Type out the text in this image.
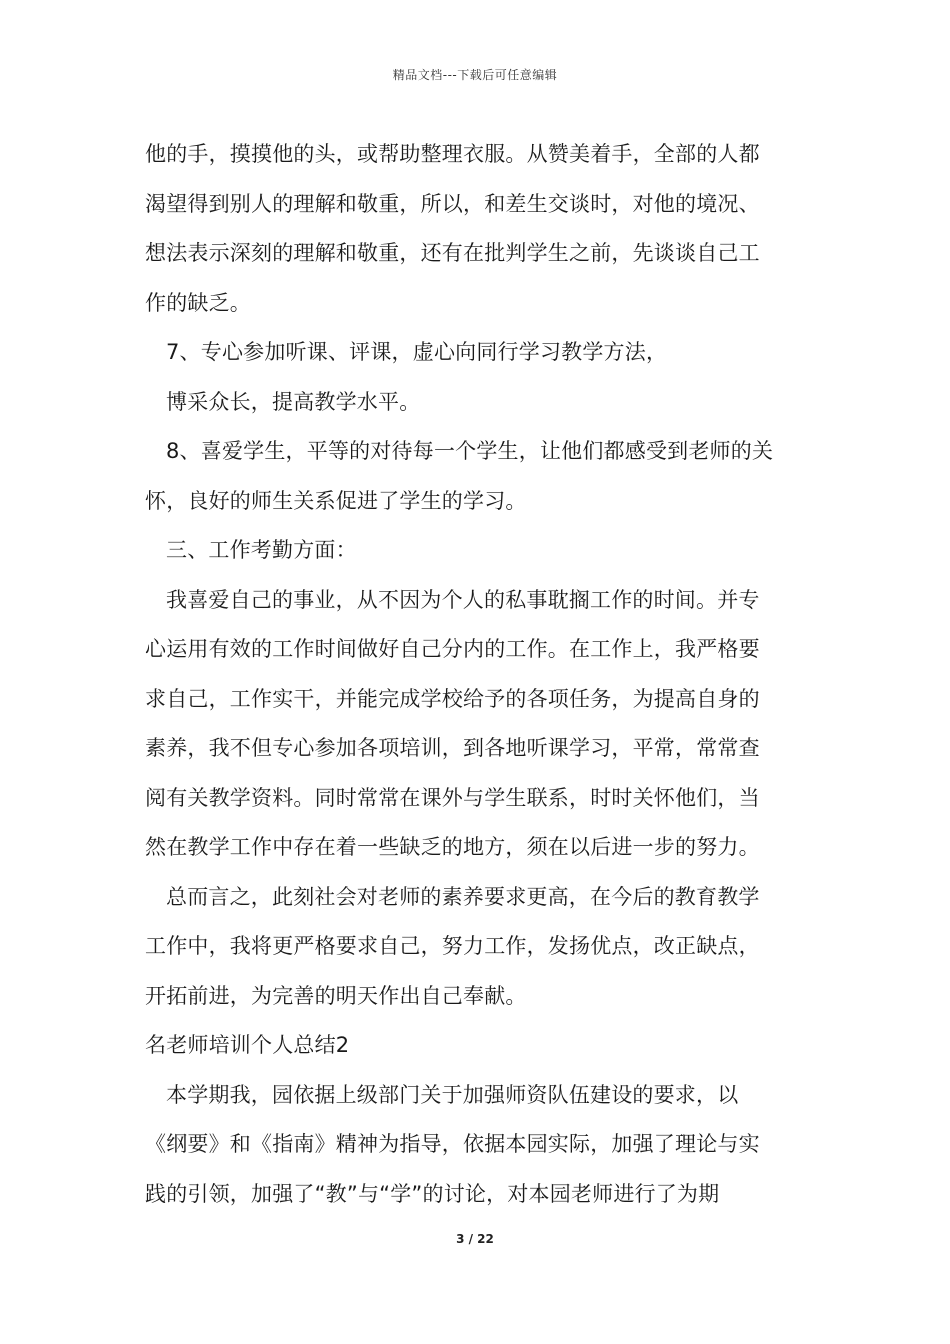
精品文档---下载后可任意编辑
他的手，摸摸他的头，或帮助整理衣服。从赞美着手，全部的人都
渴望得到别人的理解和敬重，所以，和差生交谈时，对他的境况、
想法表示深刻的理解和敬重，还有在批判学生之前，先谈谈自己工
作的缺乏。
7、专心参加听课、评课，虚心向同行学习教学方法，
博采众长，提高教学水平。
8、喜爱学生，平等的对待每一个学生，让他们都感受到老师的关
怀，良好的师生关系促进了学生的学习。
三、工作考勤方面：
我喜爱自己的事业，从不因为个人的私事耽搁工作的时间。并专
心运用有效的工作时间做好自己分内的工作。在工作上，我严格要
求自己，工作实干，并能完成学校给予的各项任务，为提高自身的
素养，我不但专心参加各项培训，到各地听课学习，平常，常常查
阅有关教学资料。同时常常在课外与学生联系，时时关怀他们，当
然在教学工作中存在着一些缺乏的地方，须在以后进一步的努力。
总而言之，此刻社会对老师的素养要求更高，在今后的教育教学
工作中，我将更严格要求自己，努力工作，发扬优点，改正缺点，
开拓前进，为完善的明天作出自己奉献。
名老师培训个人总结2
本学期我，园依据上级部门关于加强师资队伍建设的要求，以
《纲要》和《指南》精神为指导，依据本园实际，加强了理论与实
践的引领，加强了“教”与“学”的讨论，对本园老师进行了为期
3 / 22
